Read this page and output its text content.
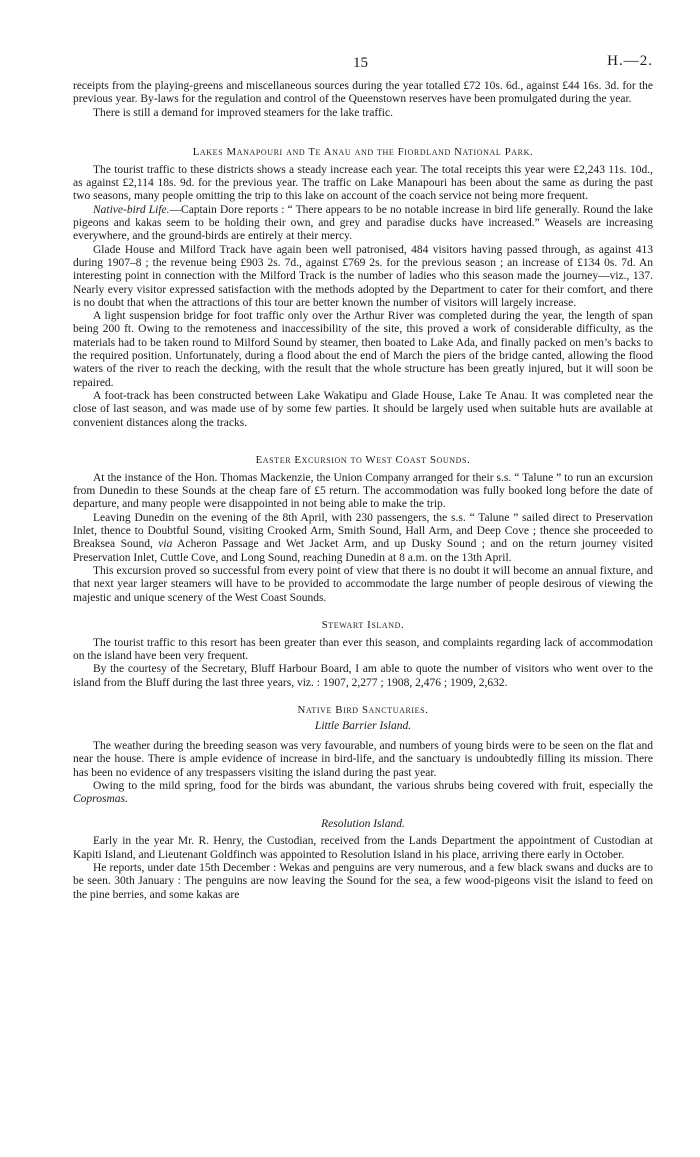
15	H.—2.

receipts from the playing-greens and miscellaneous sources during the year totalled £72 10s. 6d., against £44 16s. 3d. for the previous year. By-laws for the regulation and control of the Queenstown reserves have been promulgated during the year.

There is still a demand for improved steamers for the lake traffic.

Lakes Manapouri and Te Anau and the Fiordland National Park.

The tourist traffic to these districts shows a steady increase each year. The total receipts this year were £2,243 11s. 10d., as against £2,114 18s. 9d. for the previous year. The traffic on Lake Manapouri has been about the same as during the past two seasons, many people omitting the trip to this lake on account of the coach service not being more frequent.

Native-bird Life.—Captain Dore reports : “ There appears to be no notable increase in bird life generally. Round the lake pigeons and kakas seem to be holding their own, and grey and paradise ducks have increased.” Weasels are increasing everywhere, and the ground-birds are entirely at their mercy.

Glade House and Milford Track have again been well patronised, 484 visitors having passed through, as against 413 during 1907–8 ; the revenue being £903 2s. 7d., against £769 2s. for the previous season ; an increase of £134 0s. 7d. An interesting point in connection with the Milford Track is the number of ladies who this season made the journey—viz., 137. Nearly every visitor expressed satisfaction with the methods adopted by the Department to cater for their comfort, and there is no doubt that when the attractions of this tour are better known the number of visitors will largely increase.

A light suspension bridge for foot traffic only over the Arthur River was completed during the year, the length of span being 200 ft. Owing to the remoteness and inaccessibility of the site, this proved a work of considerable difficulty, as the materials had to be taken round to Milford Sound by steamer, then boated to Lake Ada, and finally packed on men’s backs to the required position. Unfortunately, during a flood about the end of March the piers of the bridge canted, allowing the flood waters of the river to reach the decking, with the result that the whole structure has been greatly injured, but it will soon be repaired.

A foot-track has been constructed between Lake Wakatipu and Glade House, Lake Te Anau. It was completed near the close of last season, and was made use of by some few parties. It should be largely used when suitable huts are available at convenient distances along the tracks.

Easter Excursion to West Coast Sounds.

At the instance of the Hon. Thomas Mackenzie, the Union Company arranged for their s.s. “ Talune ” to run an excursion from Dunedin to these Sounds at the cheap fare of £5 return. The accommodation was fully booked long before the date of departure, and many people were disappointed in not being able to make the trip.

Leaving Dunedin on the evening of the 8th April, with 230 passengers, the s.s. “ Talune ” sailed direct to Preservation Inlet, thence to Doubtful Sound, visiting Crooked Arm, Smith Sound, Hall Arm, and Deep Cove ; thence she proceeded to Breaksea Sound, via Acheron Passage and Wet Jacket Arm, and up Dusky Sound ; and on the return journey visited Preservation Inlet, Cuttle Cove, and Long Sound, reaching Dunedin at 8 a.m. on the 13th April.

This excursion proved so successful from every point of view that there is no doubt it will become an annual fixture, and that next year larger steamers will have to be provided to accommodate the large number of people desirous of viewing the majestic and unique scenery of the West Coast Sounds.

Stewart Island.

The tourist traffic to this resort has been greater than ever this season, and complaints regarding lack of accommodation on the island have been very frequent.

By the courtesy of the Secretary, Bluff Harbour Board, I am able to quote the number of visitors who went over to the island from the Bluff during the last three years, viz. : 1907, 2,277 ; 1908, 2,476 ; 1909, 2,632.

Native Bird Sanctuaries.
Little Barrier Island.

The weather during the breeding season was very favourable, and numbers of young birds were to be seen on the flat and near the house. There is ample evidence of increase in bird-life, and the sanctuary is undoubtedly filling its mission. There has been no evidence of any trespassers visiting the island during the past year.

Owing to the mild spring, food for the birds was abundant, the various shrubs being covered with fruit, especially the Coprosmas.

Resolution Island.

Early in the year Mr. R. Henry, the Custodian, received from the Lands Department the appointment of Custodian at Kapiti Island, and Lieutenant Goldfinch was appointed to Resolution Island in his place, arriving there early in October.

He reports, under date 15th December : Wekas and penguins are very numerous, and a few black swans and ducks are to be seen. 30th January : The penguins are now leaving the Sound for the sea, a few wood-pigeons visit the island to feed on the pine berries, and some kakas are
